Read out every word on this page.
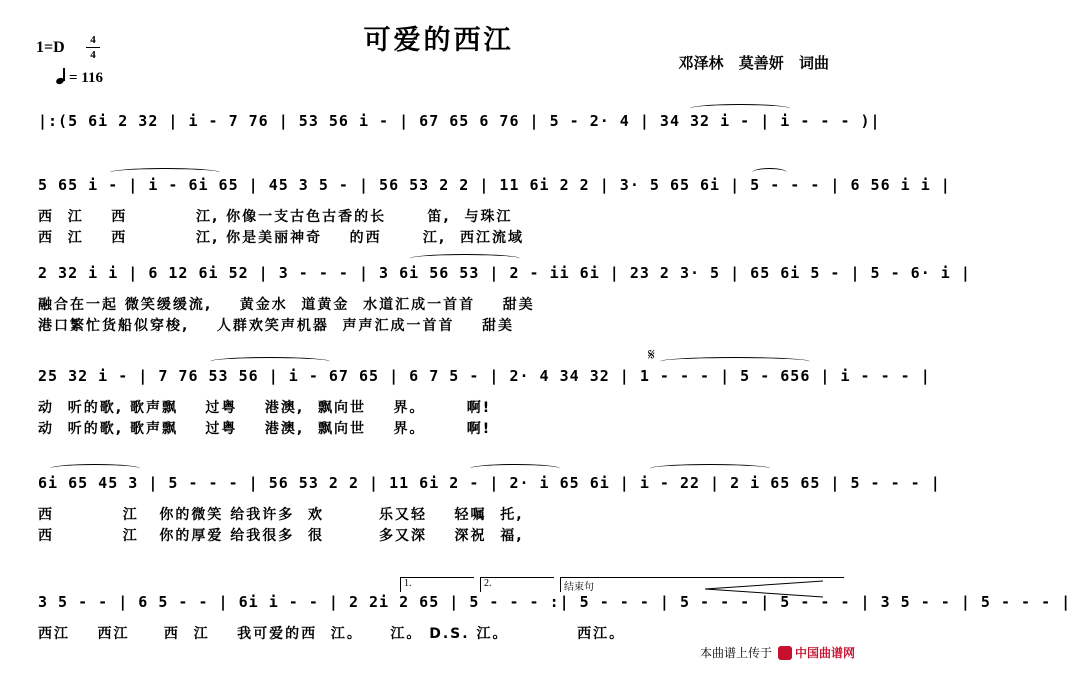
可爱的西江
1=D	4
4
= 116
邓泽林 莫善妍 词曲
|:(5 6i 2 32 | i - 7 76 | 53 56 i - | 67 65 6 76 | 5 - 2· 4 | 34 32 i - | i - - - )|
5 65 i - | i - 6i 65 | 45 3 5 - | 56 53 2 2 | 11 6i 2 2 | 3· 5 65 6i | 5 - - - | 6 56 i i |
西  江    西          江, 你像一支古色古香的长      笛,  与珠江
西  江    西          江, 你是美丽神奇    的西      江,  西江流域
2 32 i i | 6 12 6i 52 | 3 - - - | 3 6i 56 53 | 2 - ii 6i | 23 2 3· 5 | 65 6i 5 - | 5 - 6· i |
融合在一起 微笑缓缓流,    黄金水  道黄金  水道汇成一首首    甜美
港口繁忙货船似穿梭,    人群欢笑声机器  声声汇成一首首    甜美
25 32 i - | 7 76 53 56 | i - 67 65 | 6 7 5 - | 2· 4 34 32 | 1 - - - | 5 - 656 | i - - - |
动  听的歌, 歌声飘    过粤    港澳,  飘向世    界。      啊!
动  听的歌, 歌声飘    过粤    港澳,  飘向世    界。      啊!
𝄋
6i 65 45 3 | 5 - - - | 56 53 2 2 | 11 6i 2 - | 2· i 65 6i | i - 22 | 2 i 65 65 | 5 - - - |
西          江   你的微笑 给我许多  欢        乐又轻    轻嘱  托,
西          江   你的厚爱 给我很多  很        多又深    深祝  福,
1.	2.	结束句
3 5 - - | 6 5 - - | 6i i - - | 2 2i 2 65 | 5 - - - :| 5 - - - | 5 - - - | 5 - - - | 3 5 - - | 5 - - - |
西江    西江     西  江    我可爱的西  江。    江。 D.S. 江。          西江。
本曲谱上传于 中国曲谱网
